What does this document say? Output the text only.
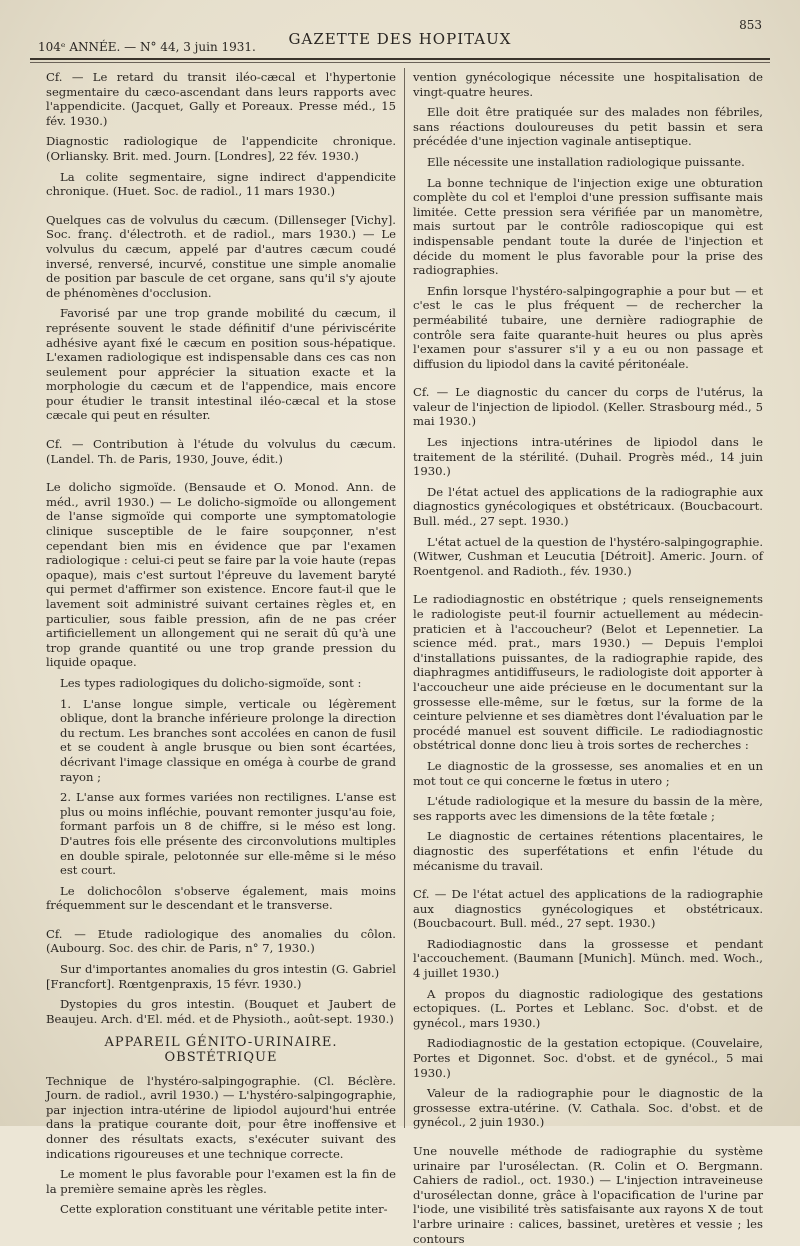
104ᵉ ANNÉE. — N° 44, 3 juin 1931.	GAZETTE DES HOPITAUX
853

Cf. — Le retard du transit iléo-cæcal et l'hypertonie segmentaire du cæco-ascendant dans leurs rapports avec l'appendicite. (Jacquet, Gally et Poreaux. Presse méd., 15 fév. 1930.)

Diagnostic radiologique de l'appendicite chronique. (Orliansky. Brit. med. Journ. [Londres], 22 fév. 1930.)

La colite segmentaire, signe indirect d'appendicite chronique. (Huet. Soc. de radiol., 11 mars 1930.)

Quelques cas de volvulus du cæcum. (Dillenseger [Vichy]. Soc. franç. d'électroth. et de radiol., mars 1930.) — Le volvulus du cæcum, appelé par d'autres cæcum coudé inversé, renversé, incurvé, constitue une simple anomalie de position par bascule de cet organe, sans qu'il s'y ajoute de phénomènes d'occlusion.

Favorisé par une trop grande mobilité du cæcum, il représente souvent le stade définitif d'une périviscérite adhésive ayant fixé le cæcum en position sous-hépatique. L'examen radiologique est indispensable dans ces cas non seulement pour apprécier la situation exacte et la morphologie du cæcum et de l'appendice, mais encore pour étudier le transit intestinal iléo-cæcal et la stose cæcale qui peut en résulter.

Cf. — Contribution à l'étude du volvulus du cæcum. (Landel. Th. de Paris, 1930, Jouve, édit.)

Le dolicho sigmoïde. (Bensaude et O. Monod. Ann. de méd., avril 1930.) — Le dolicho-sigmoïde ou allongement de l'anse sigmoïde qui comporte une symptomatologie clinique susceptible de le faire soupçonner, n'est cependant bien mis en évidence que par l'examen radiologique : celui-ci peut se faire par la voie haute (repas opaque), mais c'est surtout l'épreuve du lavement baryté qui permet d'affirmer son existence. Encore faut-il que le lavement soit administré suivant certaines règles et, en particulier, sous faible pression, afin de ne pas créer artificiellement un allongement qui ne serait dû qu'à une trop grande quantité ou une trop grande pression du liquide opaque.

Les types radiologiques du dolicho-sigmoïde, sont :

1. L'anse longue simple, verticale ou légèrement oblique, dont la branche inférieure prolonge la direction du rectum. Les branches sont accolées en canon de fusil et se coudent à angle brusque ou bien sont écartées, décrivant l'image classique en oméga à courbe de grand rayon ;

2. L'anse aux formes variées non rectilignes. L'anse est plus ou moins infléchie, pouvant remonter jusqu'au foie, formant parfois un 8 de chiffre, si le méso est long. D'autres fois elle présente des circonvolutions multiples en double spirale, pelotonnée sur elle-même si le méso est court.

Le dolichocôlon s'observe également, mais moins fréquemment sur le descendant et le transverse.

Cf. — Etude radiologique des anomalies du côlon. (Aubourg. Soc. des chir. de Paris, n° 7, 1930.)

Sur d'importantes anomalies du gros intestin (G. Gabriel [Francfort]. Rœntgenpraxis, 15 févr. 1930.)

Dystopies du gros intestin. (Bouquet et Jaubert de Beaujeu. Arch. d'El. méd. et de Physioth., août-sept. 1930.)

APPAREIL GÉNITO-URINAIRE. OBSTÉTRIQUE

Technique de l'hystéro-salpingographie. (Cl. Béclère. Journ. de radiol., avril 1930.) — L'hystéro-salpingographie, par injection intra-utérine de lipiodol aujourd'hui entrée dans la pratique courante doit, pour être inoffensive et donner des résultats exacts, s'exécuter suivant des indications rigoureuses et une technique correcte.

Le moment le plus favorable pour l'examen est la fin de la première semaine après les règles.

Cette exploration constituant une véritable petite inter-

vention gynécologique nécessite une hospitalisation de vingt-quatre heures.

Elle doit être pratiquée sur des malades non fébriles, sans réactions douloureuses du petit bassin et sera précédée d'une injection vaginale antiseptique.

Elle nécessite une installation radiologique puissante.

La bonne technique de l'injection exige une obturation complète du col et l'emploi d'une pression suffisante mais limitée. Cette pression sera vérifiée par un manomètre, mais surtout par le contrôle radioscopique qui est indispensable pendant toute la durée de l'injection et décide du moment le plus favorable pour la prise des radiographies.

Enfin lorsque l'hystéro-salpingographie a pour but — et c'est le cas le plus fréquent — de rechercher la perméabilité tubaire, une dernière radiographie de contrôle sera faite quarante-huit heures ou plus après l'examen pour s'assurer s'il y a eu ou non passage et diffusion du lipiodol dans la cavité péritonéale.

Cf. — Le diagnostic du cancer du corps de l'utérus, la valeur de l'injection de lipiodol. (Keller. Strasbourg méd., 5 mai 1930.)

Les injections intra-utérines de lipiodol dans le traitement de la stérilité. (Duhail. Progrès méd., 14 juin 1930.)

De l'état actuel des applications de la radiographie aux diagnostics gynécologiques et obstétricaux. (Boucbacourt. Bull. méd., 27 sept. 1930.)

L'état actuel de la question de l'hystéro-salpingographie. (Witwer, Cushman et Leucutia [Détroit]. Americ. Journ. of Roentgenol. and Radioth., fév. 1930.)

Le radiodiagnostic en obstétrique ; quels renseignements le radiologiste peut-il fournir actuellement au médecin-praticien et à l'accoucheur? (Belot et Lepennetier. La science méd. prat., mars 1930.) — Depuis l'emploi d'installations puissantes, de la radiographie rapide, des diaphragmes antidiffuseurs, le radiologiste doit apporter à l'accoucheur une aide précieuse en le documentant sur la grossesse elle-même, sur le fœtus, sur la forme de la ceinture pelvienne et ses diamètres dont l'évaluation par le procédé manuel est souvent difficile. Le radiodiagnostic obstétrical donne donc lieu à trois sortes de recherches :

Le diagnostic de la grossesse, ses anomalies et en un mot tout ce qui concerne le fœtus in utero ;

L'étude radiologique et la mesure du bassin de la mère, ses rapports avec les dimensions de la tête fœtale ;

Le diagnostic de certaines rétentions placentaires, le diagnostic des superfétations et enfin l'étude du mécanisme du travail.

Cf. — De l'état actuel des applications de la radiographie aux diagnostics gynécologiques et obstétricaux. (Boucbacourt. Bull. méd., 27 sept. 1930.)

Radiodiagnostic dans la grossesse et pendant l'accouchement. (Baumann [Munich]. Münch. med. Woch., 4 juillet 1930.)

A propos du diagnostic radiologique des gestations ectopiques. (L. Portes et Leblanc. Soc. d'obst. et de gynécol., mars 1930.)

Radiodiagnostic de la gestation ectopique. (Couvelaire, Portes et Digonnet. Soc. d'obst. et de gynécol., 5 mai 1930.)

Valeur de la radiographie pour le diagnostic de la grossesse extra-utérine. (V. Cathala. Soc. d'obst. et de gynécol., 2 juin 1930.)

Une nouvelle méthode de radiographie du système urinaire par l'urosélectan. (R. Colin et O. Bergmann. Cahiers de radiol., oct. 1930.) — L'injection intraveineuse d'urosélectan donne, grâce à l'opacification de l'urine par l'iode, une visibilité très satisfaisante aux rayons X de tout l'arbre urinaire : calices, bassinet, uretères et vessie ; les contours
